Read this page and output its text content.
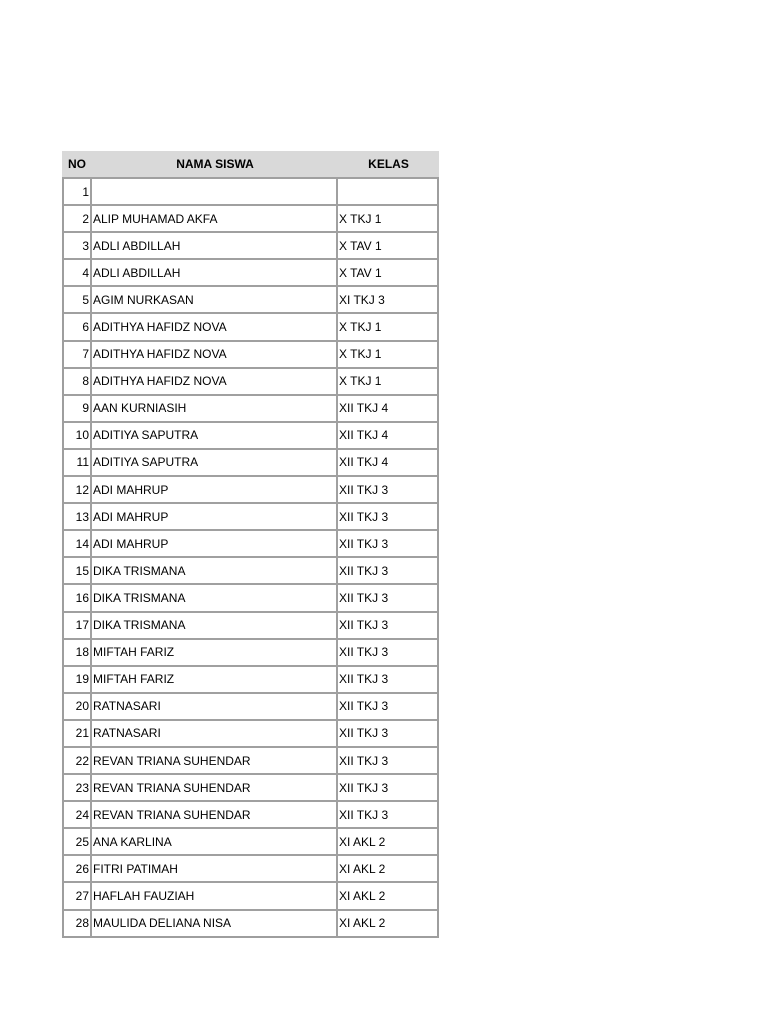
NO	NAMA SISWA	KELAS
1
2 ALIP MUHAMAD AKFA	X TKJ 1
3 ADLI ABDILLAH	X TAV 1
4 ADLI ABDILLAH	X TAV 1
5 AGIM NURKASAN	XI TKJ 3
6 ADITHYA HAFIDZ NOVA	X TKJ 1
7 ADITHYA HAFIDZ NOVA	X TKJ 1
8 ADITHYA HAFIDZ NOVA	X TKJ 1
9 AAN KURNIASIH	XII TKJ 4
10 ADITIYA SAPUTRA	XII TKJ 4
11 ADITIYA SAPUTRA	XII TKJ 4
12 ADI MAHRUP	XII TKJ 3
13 ADI MAHRUP	XII TKJ 3
14 ADI MAHRUP	XII TKJ 3
15 DIKA TRISMANA	XII TKJ 3
16 DIKA TRISMANA	XII TKJ 3
17 DIKA TRISMANA	XII TKJ 3
18 MIFTAH FARIZ	XII TKJ 3
19 MIFTAH FARIZ	XII TKJ 3
20 RATNASARI	XII TKJ 3
21 RATNASARI	XII TKJ 3
22 REVAN TRIANA SUHENDAR	XII TKJ 3
23 REVAN TRIANA SUHENDAR	XII TKJ 3
24 REVAN TRIANA SUHENDAR	XII TKJ 3
25 ANA KARLINA	XI AKL 2
26 FITRI PATIMAH	XI AKL 2
27 HAFLAH FAUZIAH	XI AKL 2
28 MAULIDA DELIANA NISA	XI AKL 2
